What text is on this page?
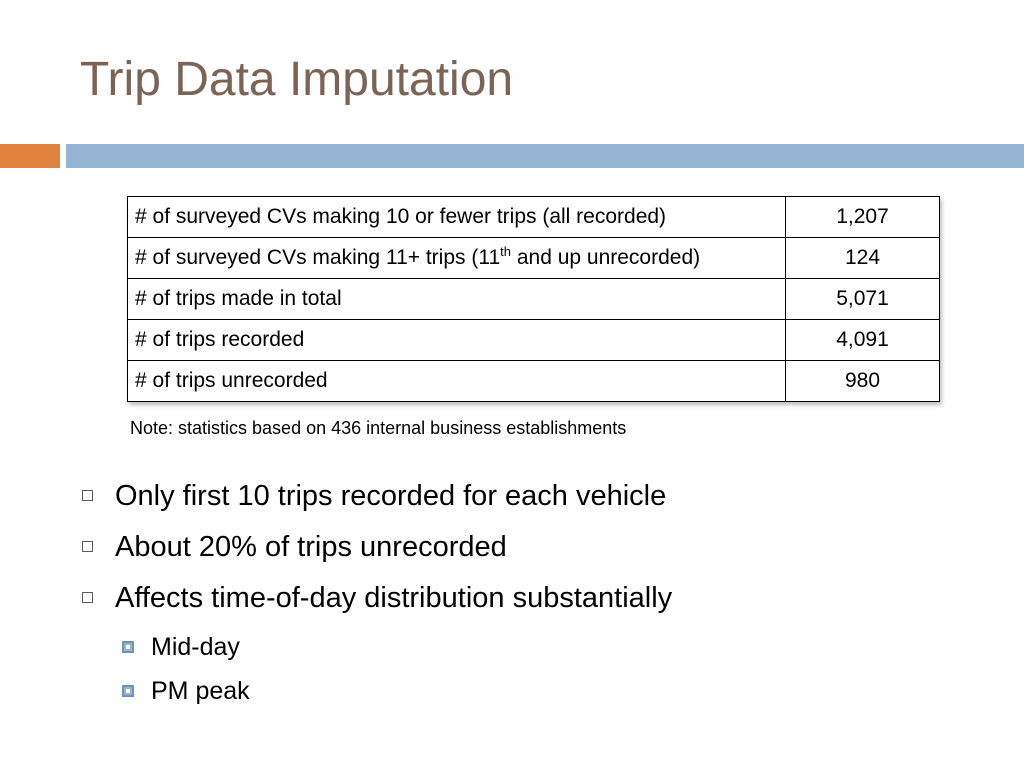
Trip Data Imputation
# of surveyed CVs making 10 or fewer trips (all recorded)	1,207
# of surveyed CVs making 11+ trips (11th and up unrecorded)	124
# of trips made in total	5,071
# of trips recorded	4,091
# of trips unrecorded	980
Note: statistics based on 436 internal business establishments
Only first 10 trips recorded for each vehicle
About 20% of trips unrecorded
Affects time-of-day distribution substantially
Mid-day
PM peak
